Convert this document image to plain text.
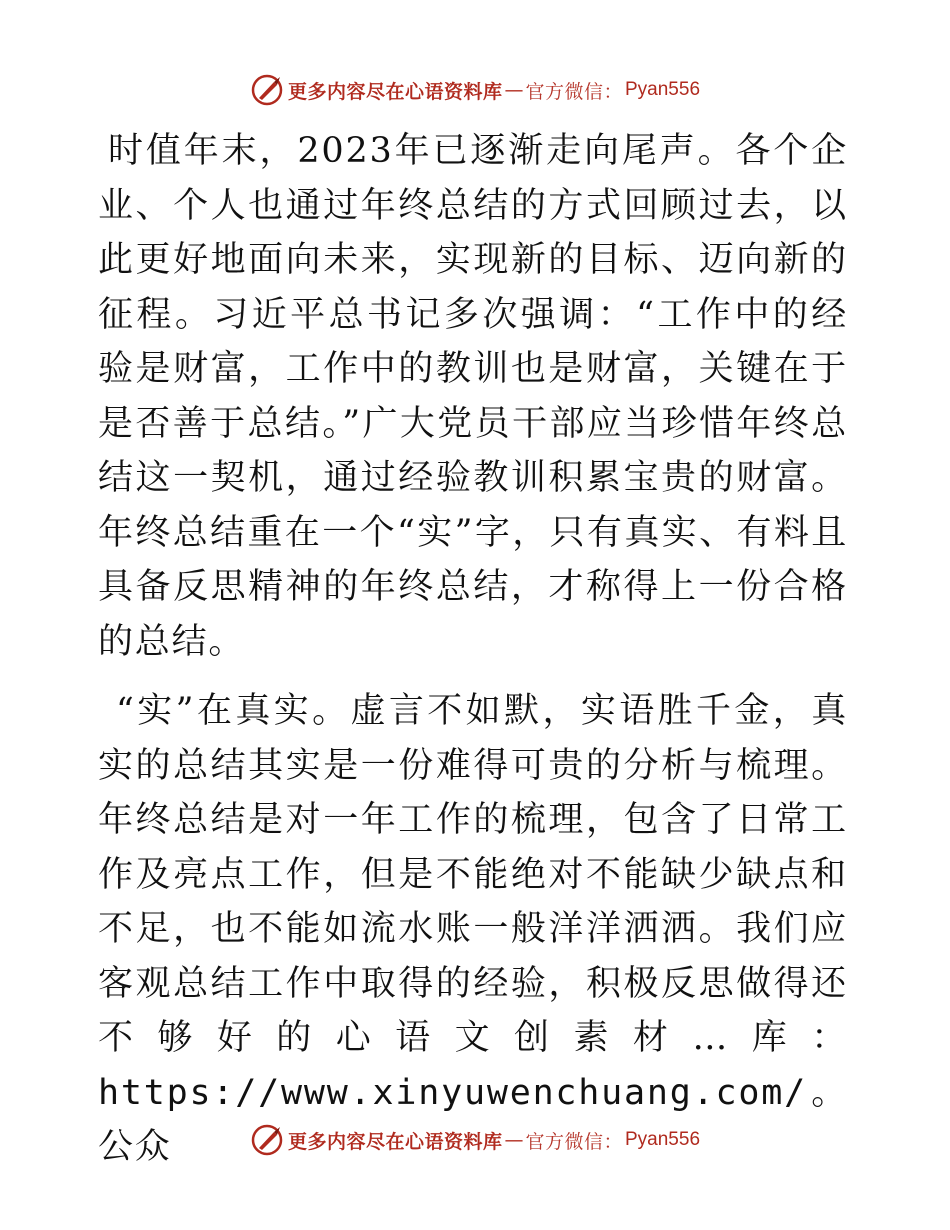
更多内容尽在心语资料库 — 官方微信： Pyan556

时值年末，2023年已逐渐走向尾声。各个企业、个人也通过年终总结的方式回顾过去，以此更好地面向未来，实现新的目标、迈向新的征程。习近平总书记多次强调：“工作中的经验是财富，工作中的教训也是财富，关键在于是否善于总结。”广大党员干部应当珍惜年终总结这一契机，通过经验教训积累宝贵的财富。年终总结重在一个“实”字，只有真实、有料且具备反思精神的年终总结，才称得上一份合格的总结。

“实”在真实。虚言不如默，实语胜千金，真实的总结其实是一份难得可贵的分析与梳理。年终总结是对一年工作的梳理，包含了日常工作及亮点工作，但是不能绝对不能缺少缺点和不足，也不能如流水账一般洋洋洒洒。我们应客观总结工作中取得的经验，积极反思做得还不够好的心语文创素材…库：https://www.xinyuwenchuang.com/。公众	更多内容尽在心语资料库 — 官方微信： Pyan556
